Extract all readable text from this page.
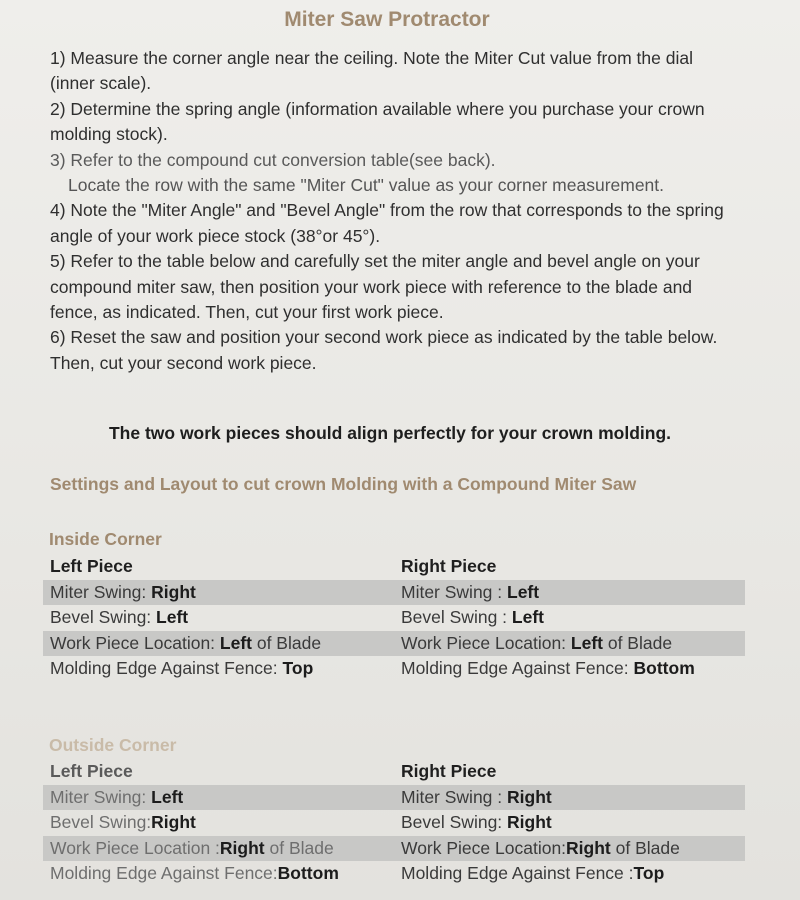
Miter Saw Protractor

1) Measure the corner angle near the ceiling. Note the Miter Cut value from the dial (inner scale).

2) Determine the spring angle (information available where you purchase your crown molding stock).

3) Refer to the compound cut conversion table(see back).

Locate the row with the same "Miter Cut" value as your corner measurement.

4) Note the "Miter Angle" and "Bevel Angle" from the row that corresponds to the spring angle of your work piece stock (38°or 45°).

5) Refer to the table below and carefully set the miter angle and bevel angle on your compound miter saw, then position your work piece with reference to the blade and fence, as indicated. Then, cut your first work piece.

6) Reset the saw and position your second work piece as indicated by the table below. Then, cut your second work piece.

The two work pieces should align perfectly for your crown molding.
Settings and Layout to cut crown Molding with a Compound Miter Saw
Inside Corner
Left Piece	Right Piece
Miter Swing: Right	Miter Swing : Left
Bevel Swing: Left	Bevel Swing : Left
Work Piece Location: Left of Blade	Work Piece Location: Left of Blade
Molding Edge Against Fence: Top	Molding Edge Against Fence: Bottom
Outside Corner
Left Piece	Right Piece
Miter Swing: Left	Miter Swing : Right
Bevel Swing:Right	Bevel Swing: Right
Work Piece Location :Right of Blade	Work Piece Location:Right of Blade
Molding Edge Against Fence:Bottom	Molding Edge Against Fence :Top
